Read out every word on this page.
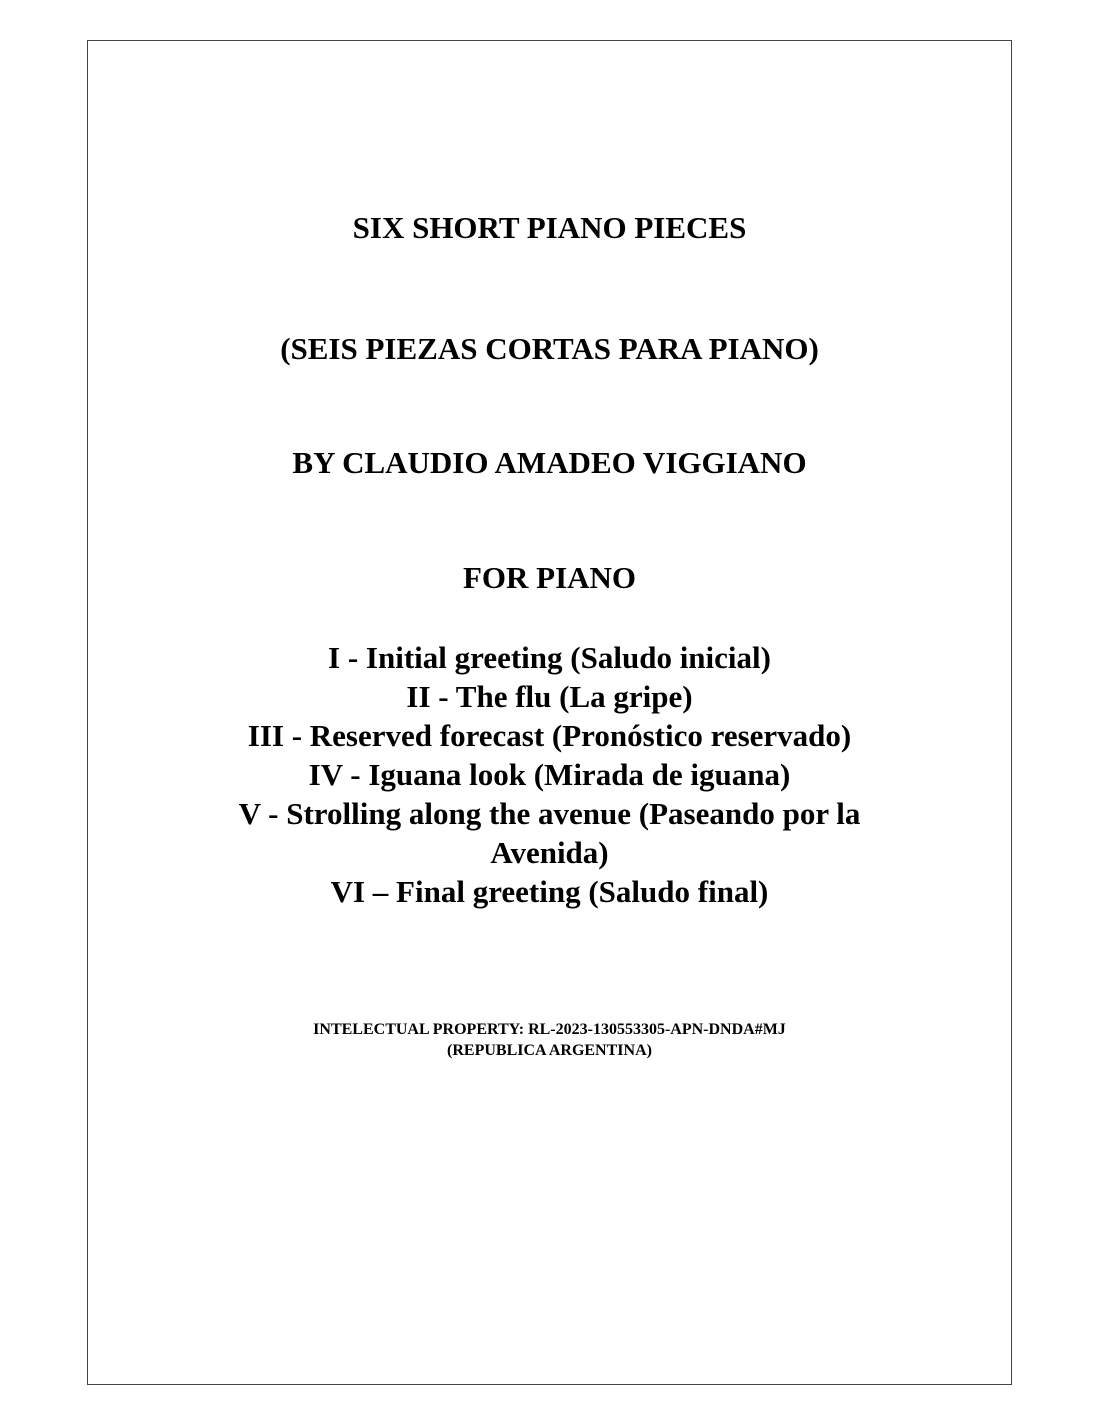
SIX SHORT PIANO PIECES
(SEIS PIEZAS CORTAS PARA PIANO)

BY CLAUDIO AMADEO VIGGIANO

FOR PIANO

I - Initial greeting (Saludo inicial)

II - The flu (La gripe)

III - Reserved forecast (Pronóstico reservado)

IV - Iguana look (Mirada de iguana)

V - Strolling along the avenue (Paseando por la

Avenida)

VI – Final greeting (Saludo final)

INTELECTUAL PROPERTY: RL-2023-130553305-APN-DNDA#MJ

(REPUBLICA ARGENTINA)
